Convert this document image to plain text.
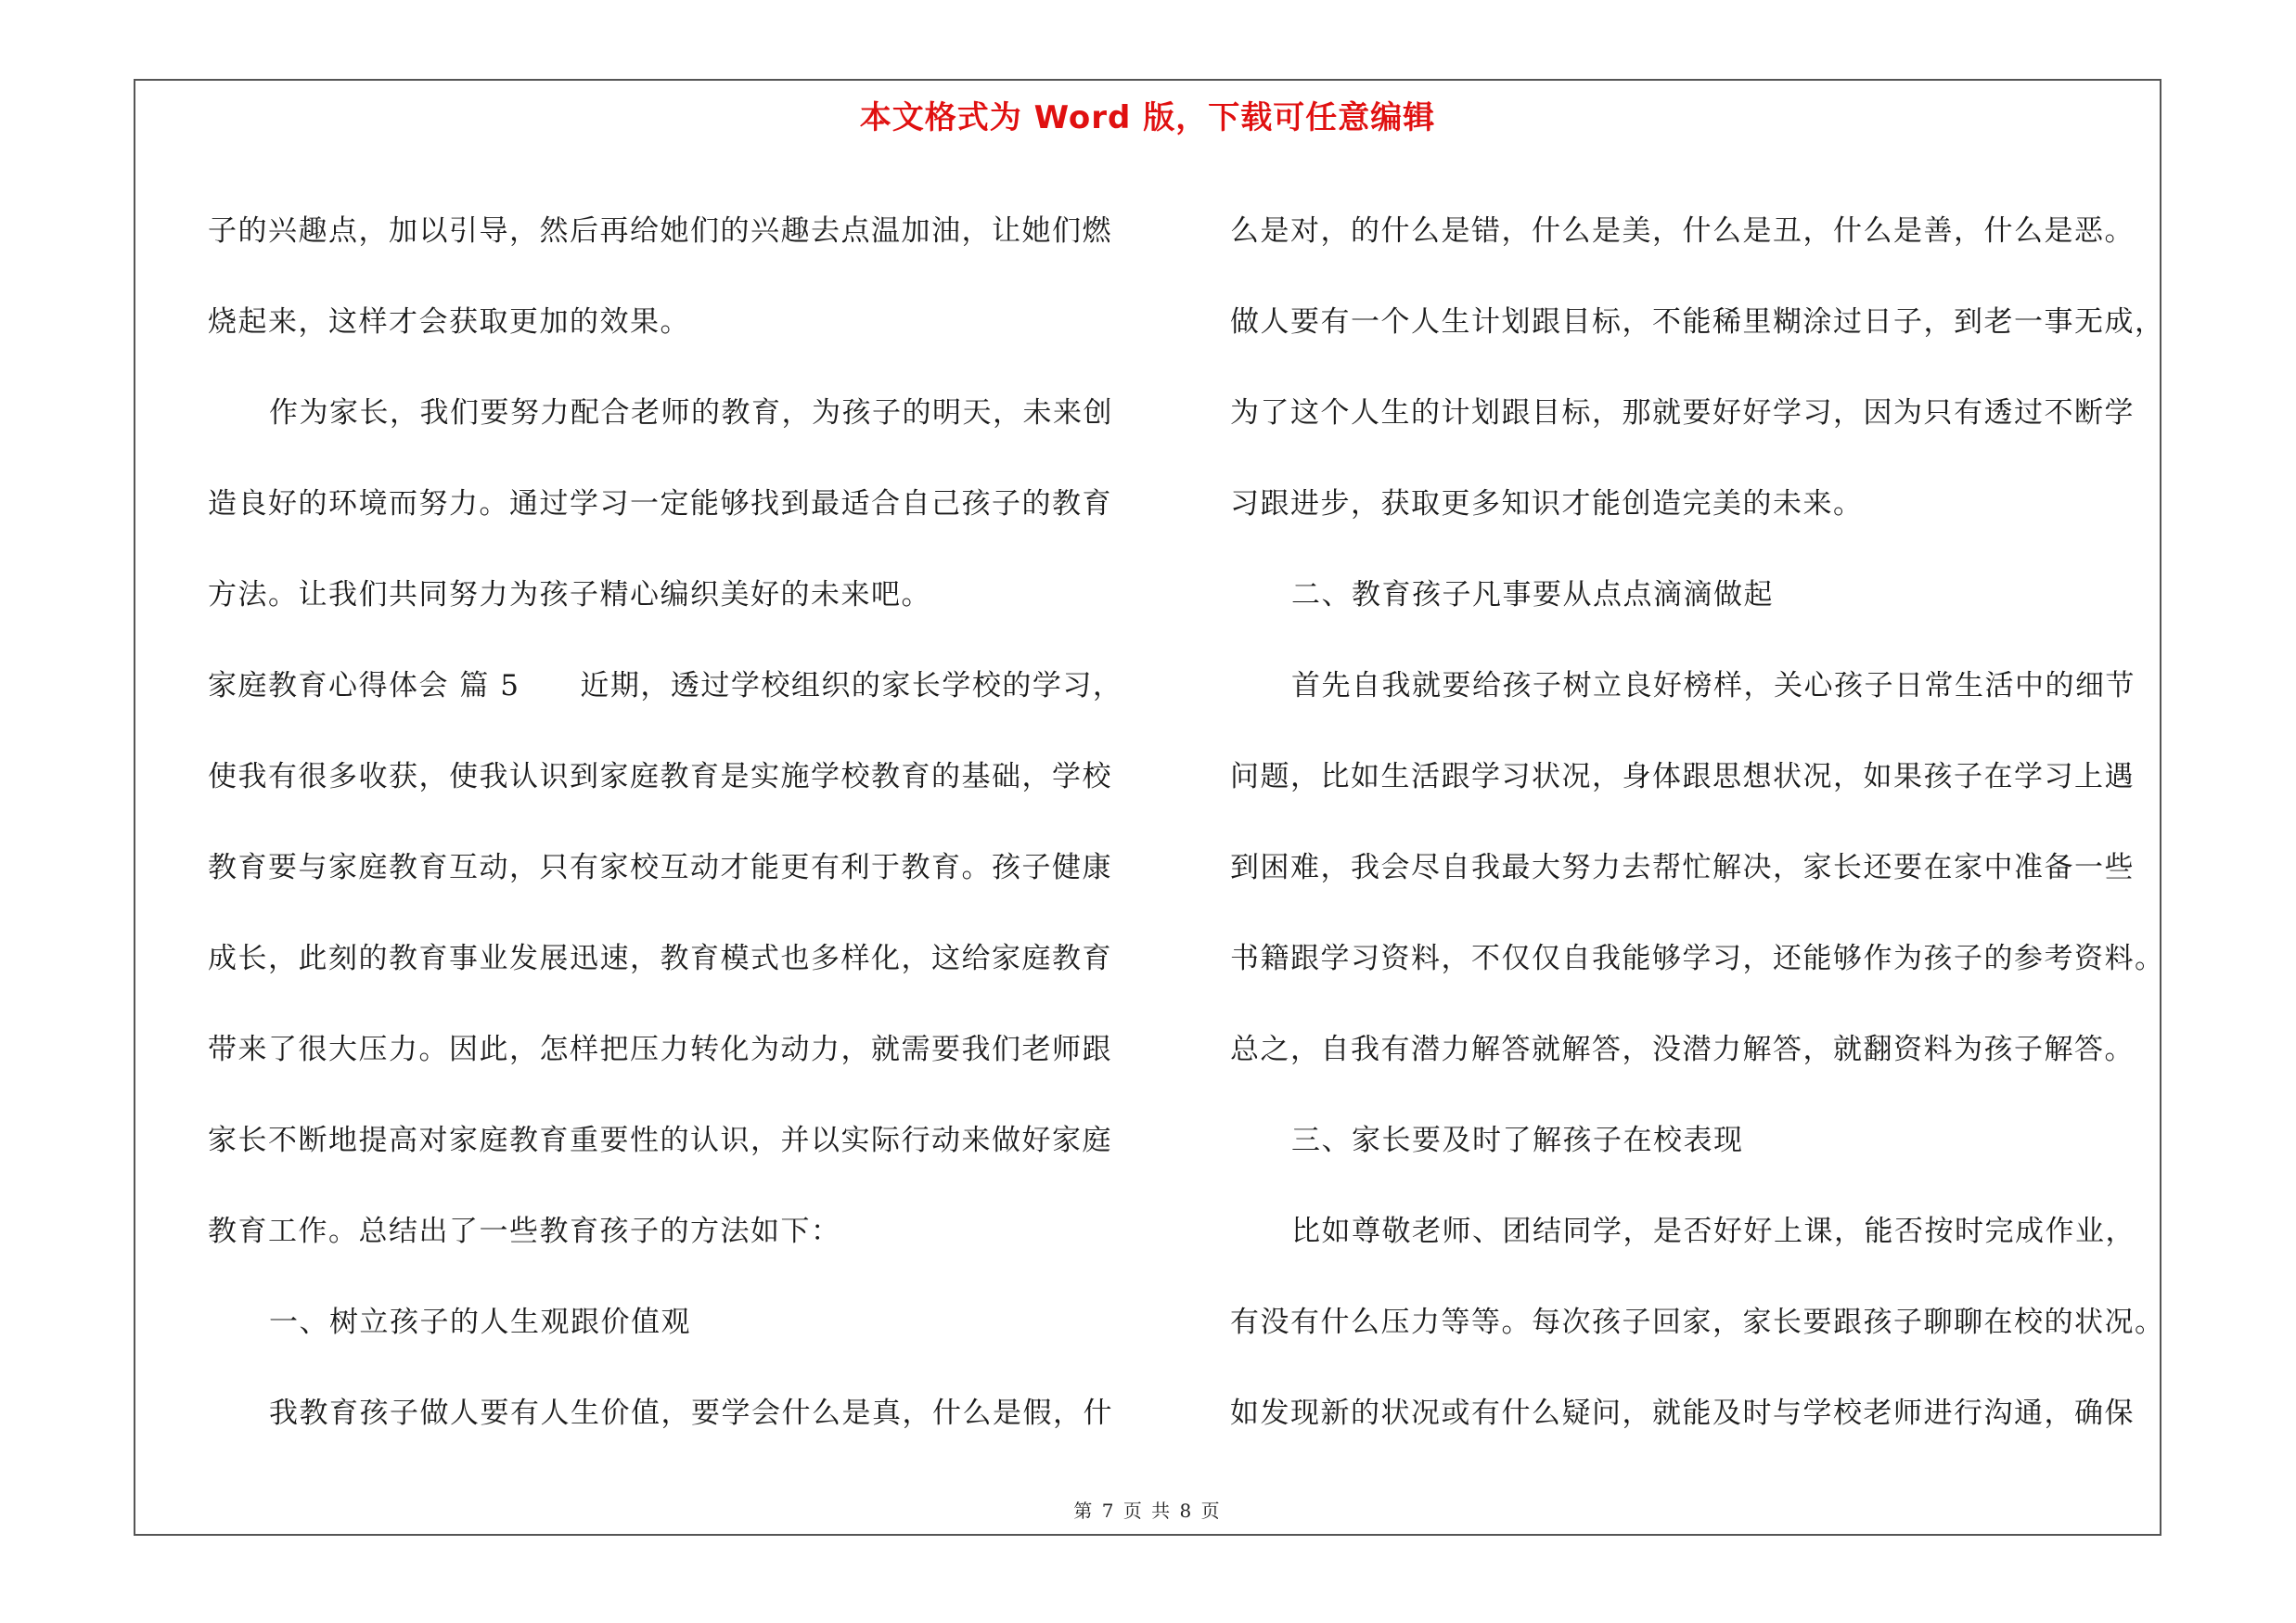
本文格式为 Word 版，下载可任意编辑
子的兴趣点，加以引导，然后再给她们的兴趣去点温加油，让她们燃
烧起来，这样才会获取更加的效果。
作为家长，我们要努力配合老师的教育，为孩子的明天，未来创
造良好的环境而努力。通过学习一定能够找到最适合自己孩子的教育
方法。让我们共同努力为孩子精心编织美好的未来吧。
家庭教育心得体会 篇 5　　近期，透过学校组织的家长学校的学习，
使我有很多收获，使我认识到家庭教育是实施学校教育的基础，学校
教育要与家庭教育互动，只有家校互动才能更有利于教育。孩子健康
成长，此刻的教育事业发展迅速，教育模式也多样化，这给家庭教育
带来了很大压力。因此，怎样把压力转化为动力，就需要我们老师跟
家长不断地提高对家庭教育重要性的认识，并以实际行动来做好家庭
教育工作。总结出了一些教育孩子的方法如下：
一、树立孩子的人生观跟价值观
我教育孩子做人要有人生价值，要学会什么是真，什么是假，什
么是对，的什么是错，什么是美，什么是丑，什么是善，什么是恶。
做人要有一个人生计划跟目标，不能稀里糊涂过日子，到老一事无成，
为了这个人生的计划跟目标，那就要好好学习，因为只有透过不断学
习跟进步，获取更多知识才能创造完美的未来。
二、教育孩子凡事要从点点滴滴做起
首先自我就要给孩子树立良好榜样，关心孩子日常生活中的细节
问题，比如生活跟学习状况，身体跟思想状况，如果孩子在学习上遇
到困难，我会尽自我最大努力去帮忙解决，家长还要在家中准备一些
书籍跟学习资料，不仅仅自我能够学习，还能够作为孩子的参考资料。
总之，自我有潜力解答就解答，没潜力解答，就翻资料为孩子解答。
三、家长要及时了解孩子在校表现
比如尊敬老师、团结同学，是否好好上课，能否按时完成作业，
有没有什么压力等等。每次孩子回家，家长要跟孩子聊聊在校的状况。
如发现新的状况或有什么疑问，就能及时与学校老师进行沟通，确保
第 7 页 共 8 页
